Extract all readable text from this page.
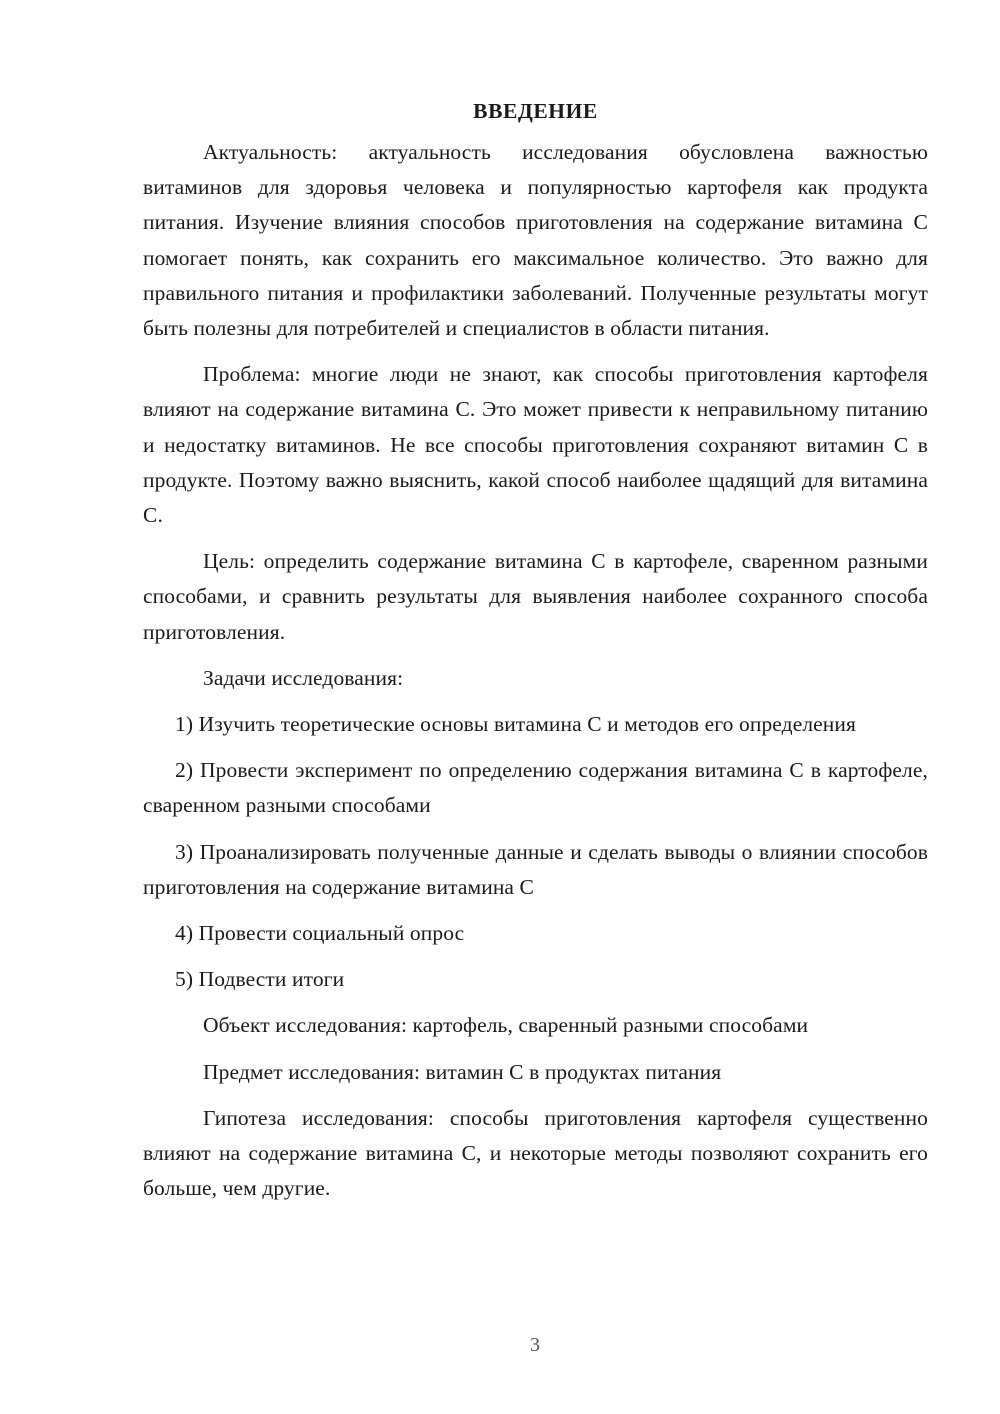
ВВЕДЕНИЕ

Актуальность: актуальность исследования обусловлена важностью витаминов для здоровья человека и популярностью картофеля как продукта питания. Изучение влияния способов приготовления на содержание витамина С помогает понять, как сохранить его максимальное количество. Это важно для правильного питания и профилактики заболеваний. Полученные результаты могут быть полезны для потребителей и специалистов в области питания.

Проблема: многие люди не знают, как способы приготовления картофеля влияют на содержание витамина С. Это может привести к неправильному питанию и недостатку витаминов. Не все способы приготовления сохраняют витамин С в продукте. Поэтому важно выяснить, какой способ наиболее щадящий для витамина С.

Цель: определить содержание витамина С в картофеле, сваренном разными способами, и сравнить результаты для выявления наиболее сохранного способа приготовления.

Задачи исследования:

1) Изучить теоретические основы витамина С и методов его определения

2) Провести эксперимент по определению содержания витамина С в картофеле, сваренном разными способами

3) Проанализировать полученные данные и сделать выводы о влиянии способов приготовления на содержание витамина С

4) Провести социальный опрос

5) Подвести итоги

Объект исследования: картофель, сваренный разными способами

Предмет исследования: витамин С в продуктах питания

Гипотеза исследования: способы приготовления картофеля существенно влияют на содержание витамина С, и некоторые методы позволяют сохранить его больше, чем другие.

3
